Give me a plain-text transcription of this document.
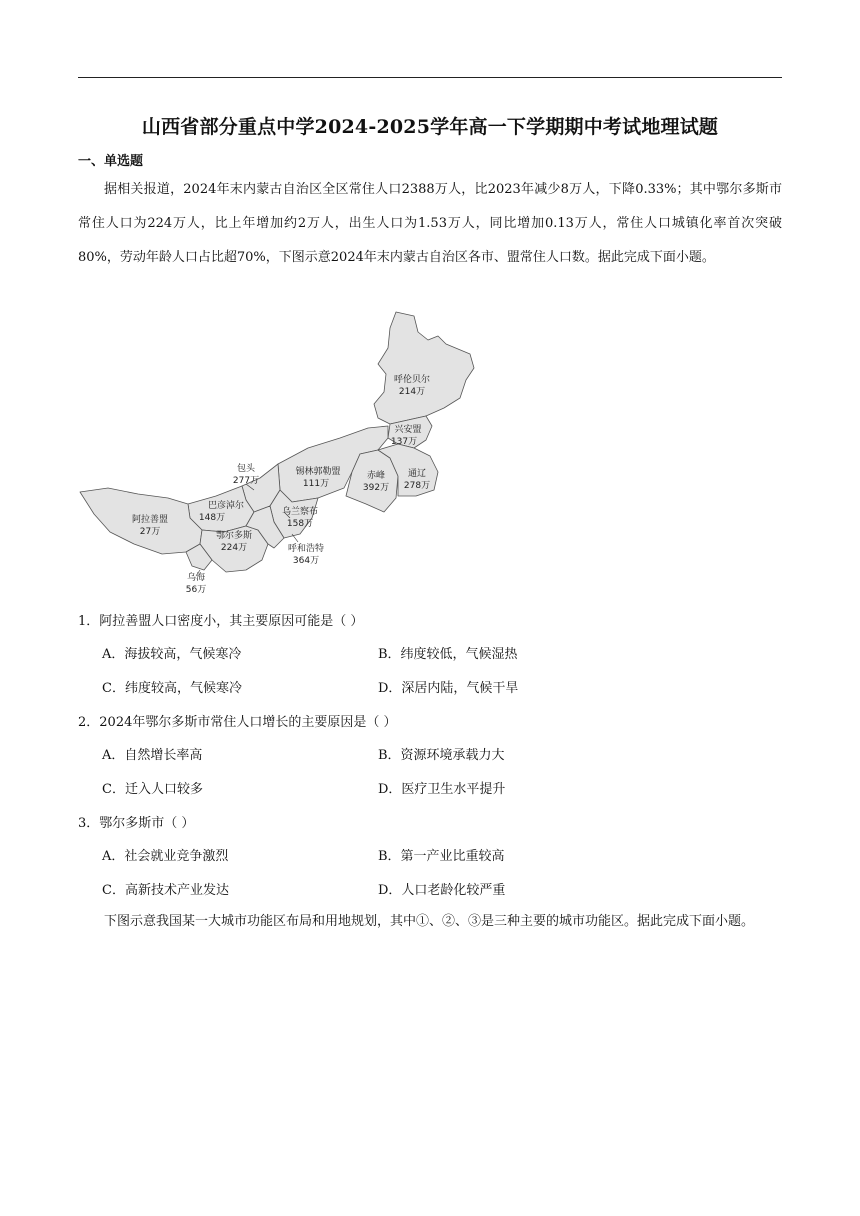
山西省部分重点中学2024-2025学年高一下学期期中考试地理试题
一、单选题

据相关报道，2024年末内蒙古自治区全区常住人口2388万人，比2023年减少8万人，下降0.33%；其中鄂尔多斯市常住人口为224万人，比上年增加约2万人，出生人口为1.53万人，同比增加0.13万人，常住人口城镇化率首次突破80%，劳动年龄人口占比超70%，下图示意2024年末内蒙古自治区各市、盟常住人口数。据此完成下面小题。

呼伦贝尔
214万
兴安盟
137万
锡林郭勒盟
111万
赤峰
392万
通辽
278万
包头
277万
巴彦淖尔
148万
阿拉善盟
27万
乌兰察布
158万
鄂尔多斯
224万	呼和浩特
364万
乌海
56万
1．阿拉善盟人口密度小，其主要原因可能是（ ）
A．海拔较高，气候寒冷	B．纬度较低，气候湿热
C．纬度较高，气候寒冷	D．深居内陆，气候干旱
2．2024年鄂尔多斯市常住人口增长的主要原因是（ ）
A．自然增长率高	B．资源环境承载力大
C．迁入人口较多	D．医疗卫生水平提升
3．鄂尔多斯市（ ）
A．社会就业竞争激烈	B．第一产业比重较高
C．高新技术产业发达	D．人口老龄化较严重

下图示意我国某一大城市功能区布局和用地规划，其中①、②、③是三种主要的城市功能区。据此完成下面小题。
